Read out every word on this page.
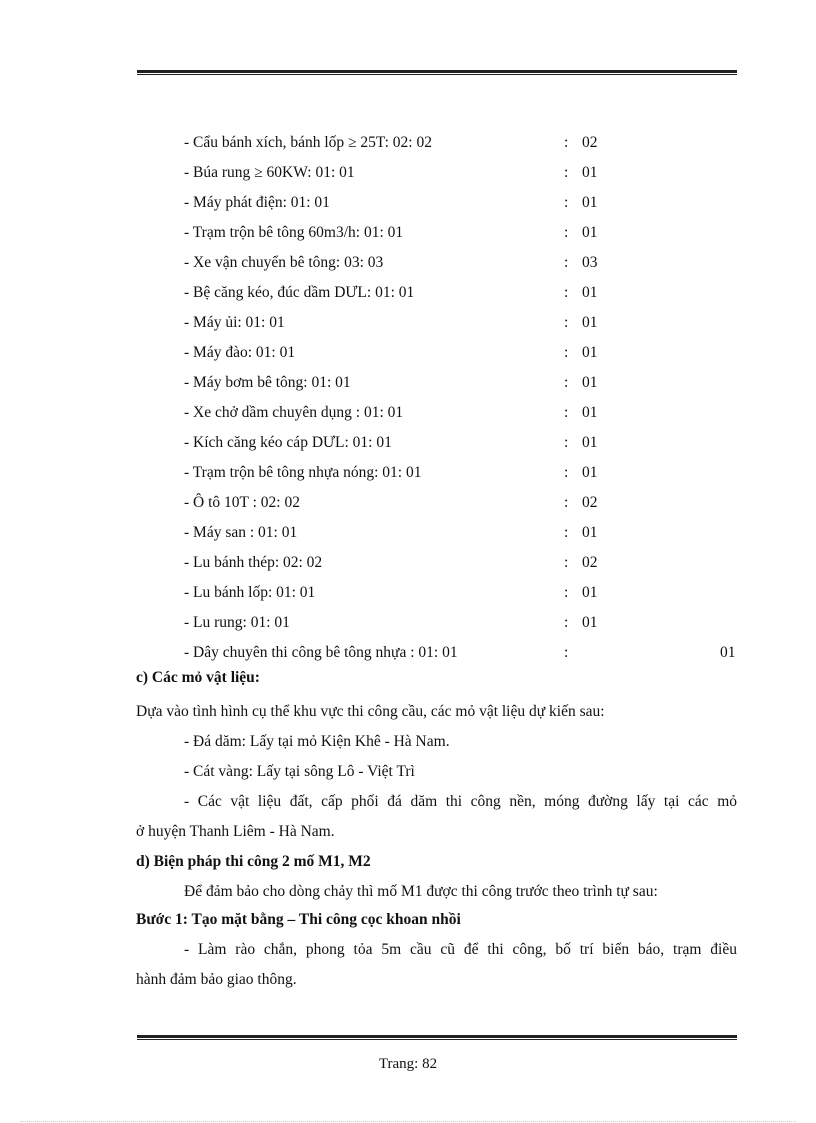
- Cẩu bánh xích, bánh lốp ≥ 25T: 02: 02	: 02
- Búa rung ≥ 60KW: 01: 01	: 01
- Máy phát điện: 01: 01	: 01
- Trạm trộn bê tông 60m3/h: 01: 01	: 01
- Xe vận chuyển bê tông: 03: 03	: 03
- Bệ căng kéo, đúc dầm DƯL: 01: 01	: 01
- Máy ủi: 01: 01	: 01
- Máy đào: 01: 01	: 01
- Máy bơm bê tông: 01: 01	: 01
- Xe chở dầm chuyên dụng : 01: 01	: 01
- Kích căng kéo cáp DƯL: 01: 01	: 01
- Trạm trộn bê tông nhựa nóng: 01: 01	: 01
- Ô tô 10T : 02: 02	: 02
- Máy san : 01: 01	: 01
- Lu bánh thép: 02: 02	: 02
- Lu bánh lốp: 01: 01	: 01
- Lu rung: 01: 01	: 01
- Dây chuyên thi công bê tông nhựa : 01: 01	:	01
c) Các mỏ vật liệu:
Dựa vào tình hình cụ thể khu vực thi công cầu, các mỏ vật liệu dự kiến sau:
- Đá dăm: Lấy tại mỏ Kiện Khê - Hà Nam.
- Cát vàng: Lấy tại sông Lô - Việt Trì
- Các vật liệu đất, cấp phối đá dăm thi công nền, móng đường lấy tại các mỏ
ở huyện Thanh Liêm - Hà Nam.
d) Biện pháp thi công 2 mố M1, M2
Để đảm bảo cho dòng chảy thì mố M1 được thi công trước theo trình tự sau:
Bước 1: Tạo mặt bằng – Thi công cọc khoan nhồi
- Làm rào chắn, phong tỏa 5m cầu cũ để thi công, bố trí biển báo, trạm điều
hành đảm bảo giao thông.
Trang: 82
